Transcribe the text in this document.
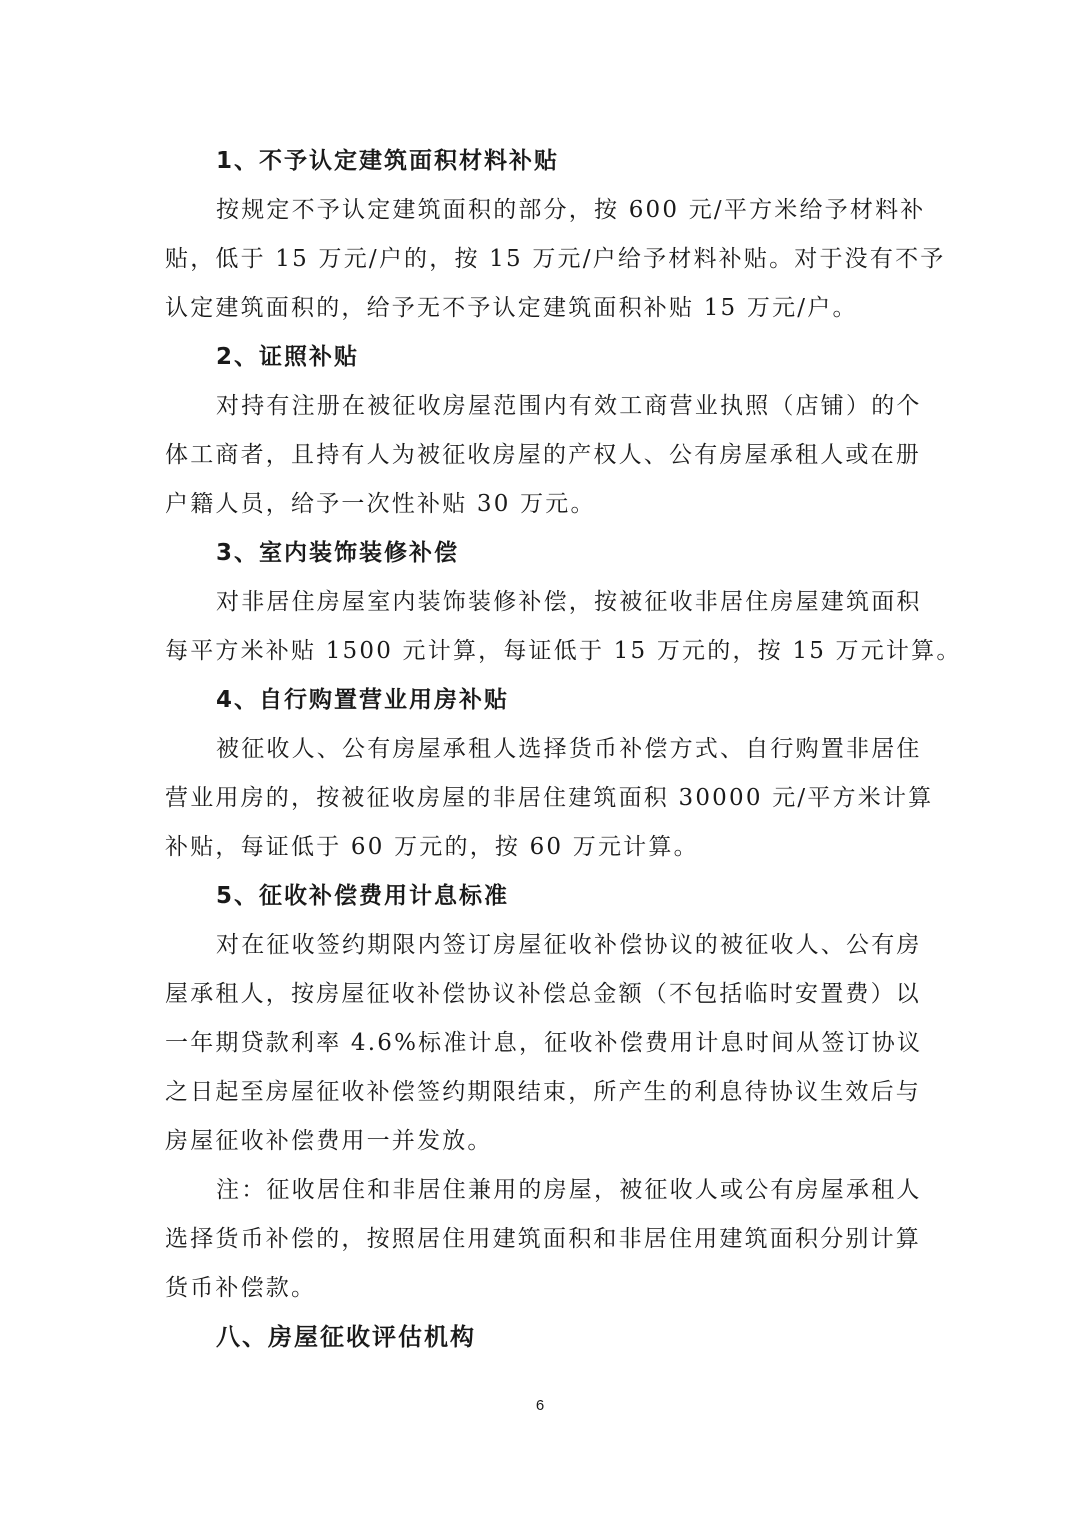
1、不予认定建筑面积材料补贴
按规定不予认定建筑面积的部分，按 600 元/平方米给予材料补
贴，低于 15 万元/户的，按 15 万元/户给予材料补贴。对于没有不予
认定建筑面积的，给予无不予认定建筑面积补贴 15 万元/户。
2、证照补贴
对持有注册在被征收房屋范围内有效工商营业执照（店铺）的个
体工商者，且持有人为被征收房屋的产权人、公有房屋承租人或在册
户籍人员，给予一次性补贴 30 万元。
3、室内装饰装修补偿
对非居住房屋室内装饰装修补偿，按被征收非居住房屋建筑面积
每平方米补贴 1500 元计算，每证低于 15 万元的，按 15 万元计算。
4、自行购置营业用房补贴
被征收人、公有房屋承租人选择货币补偿方式、自行购置非居住
营业用房的，按被征收房屋的非居住建筑面积 30000 元/平方米计算
补贴，每证低于 60 万元的，按 60 万元计算。
5、征收补偿费用计息标准
对在征收签约期限内签订房屋征收补偿协议的被征收人、公有房
屋承租人，按房屋征收补偿协议补偿总金额（不包括临时安置费）以
一年期贷款利率 4.6%标准计息，征收补偿费用计息时间从签订协议
之日起至房屋征收补偿签约期限结束，所产生的利息待协议生效后与
房屋征收补偿费用一并发放。
注：征收居住和非居住兼用的房屋，被征收人或公有房屋承租人
选择货币补偿的，按照居住用建筑面积和非居住用建筑面积分别计算
货币补偿款。
八、房屋征收评估机构
6
